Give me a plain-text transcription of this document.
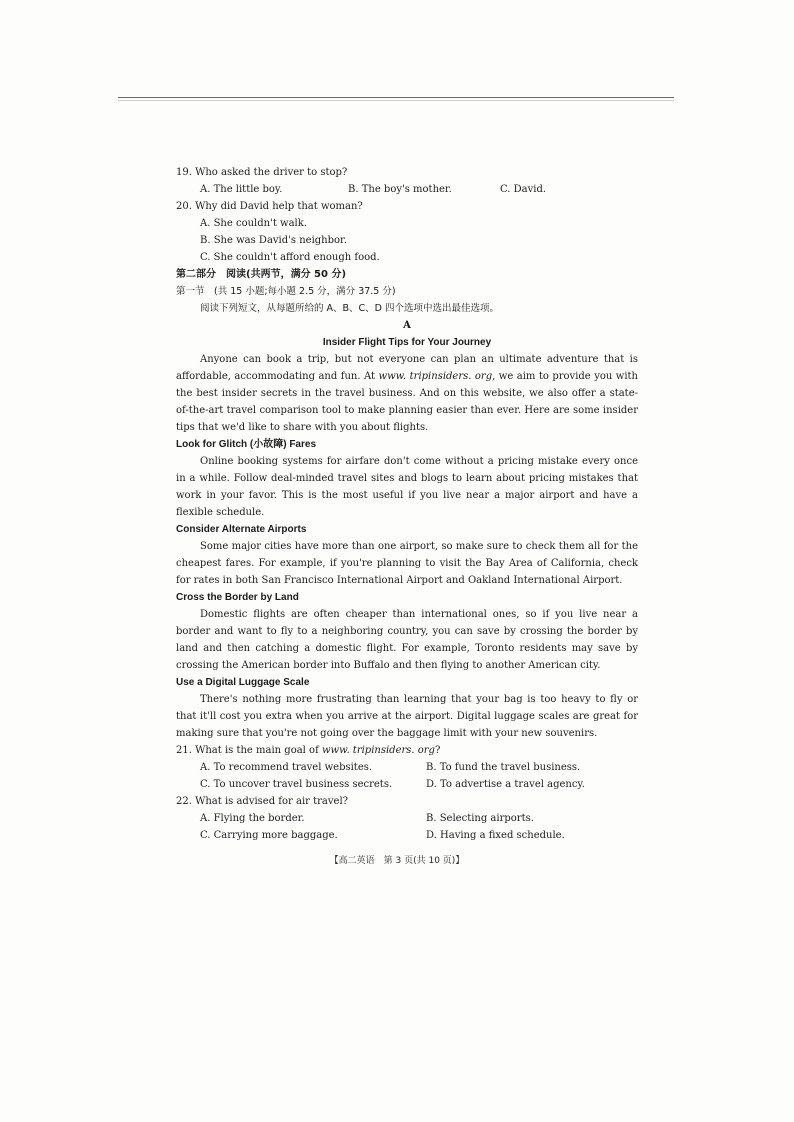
19. Who asked the driver to stop?
A. The little boy.	B. The boy's mother.	C. David.
20. Why did David help that woman?
A. She couldn't walk.
B. She was David's neighbor.
C. She couldn't afford enough food.
第二部分　阅读(共两节，满分 50 分)
第一节　(共 15 小题;每小题 2.5 分，满分 37.5 分)
阅读下列短文，从每题所给的 A、B、C、D 四个选项中选出最佳选项。
A
Insider Flight Tips for Your Journey
Anyone can book a trip, but not everyone can plan an ultimate adventure that is affordable, accommodating and fun. At www. tripinsiders. org, we aim to provide you with the best insider secrets in the travel business. And on this website, we also offer a state-of-the-art travel comparison tool to make planning easier than ever. Here are some insider tips that we'd like to share with you about flights.
Look for Glitch (小故障) Fares
Online booking systems for airfare don't come without a pricing mistake every once in a while. Follow deal-minded travel sites and blogs to learn about pricing mistakes that work in your favor. This is the most useful if you live near a major airport and have a flexible schedule.
Consider Alternate Airports
Some major cities have more than one airport, so make sure to check them all for the cheapest fares. For example, if you're planning to visit the Bay Area of California, check for rates in both San Francisco International Airport and Oakland International Airport.
Cross the Border by Land
Domestic flights are often cheaper than international ones, so if you live near a border and want to fly to a neighboring country, you can save by crossing the border by land and then catching a domestic flight. For example, Toronto residents may save by crossing the American border into Buffalo and then flying to another American city.
Use a Digital Luggage Scale
There's nothing more frustrating than learning that your bag is too heavy to fly or that it'll cost you extra when you arrive at the airport. Digital luggage scales are great for making sure that you're not going over the baggage limit with your new souvenirs.
21. What is the main goal of www. tripinsiders. org?
A. To recommend travel websites.	B. To fund the travel business.
C. To uncover travel business secrets.	D. To advertise a travel agency.
22. What is advised for air travel?
A. Flying the border.	B. Selecting airports.
C. Carrying more baggage.	D. Having a fixed schedule.
【高二英语　第 3 页(共 10 页)】
